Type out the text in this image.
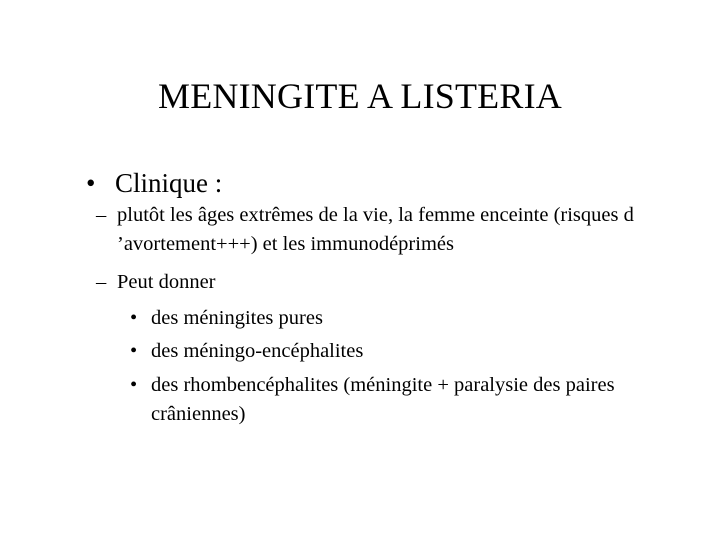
MENINGITE A LISTERIA
• Clinique :
– plutôt les âges extrêmes de la vie, la femme enceinte (risques d ’avortement+++) et les immunodéprimés
– Peut donner
• des méningites pures
• des méningo-encéphalites
• des rhombencéphalites (méningite + paralysie des paires crâniennes)
